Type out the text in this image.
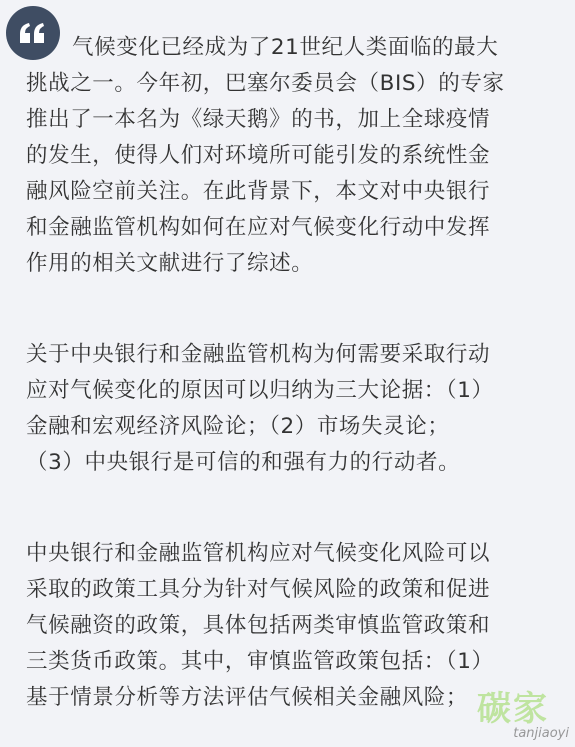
气候变化已经成为了21世纪人类面临的最大
挑战之一。今年初，巴塞尔委员会（BIS）的专家
推出了一本名为《绿天鹅》的书，加上全球疫情
的发生，使得人们对环境所可能引发的系统性金
融风险空前关注。在此背景下，本文对中央银行
和金融监管机构如何在应对气候变化行动中发挥
作用的相关文献进行了综述。

关于中央银行和金融监管机构为何需要采取行动
应对气候变化的原因可以归纳为三大论据：（1）
金融和宏观经济风险论；（2）市场失灵论；
（3）中央银行是可信的和强有力的行动者。

中央银行和金融监管机构应对气候变化风险可以
采取的政策工具分为针对气候风险的政策和促进
气候融资的政策，具体包括两类审慎监管政策和
三类货币政策。其中，审慎监管政策包括：（1）
基于情景分析等方法评估气候相关金融风险； 碳家
tanjiaoyi
